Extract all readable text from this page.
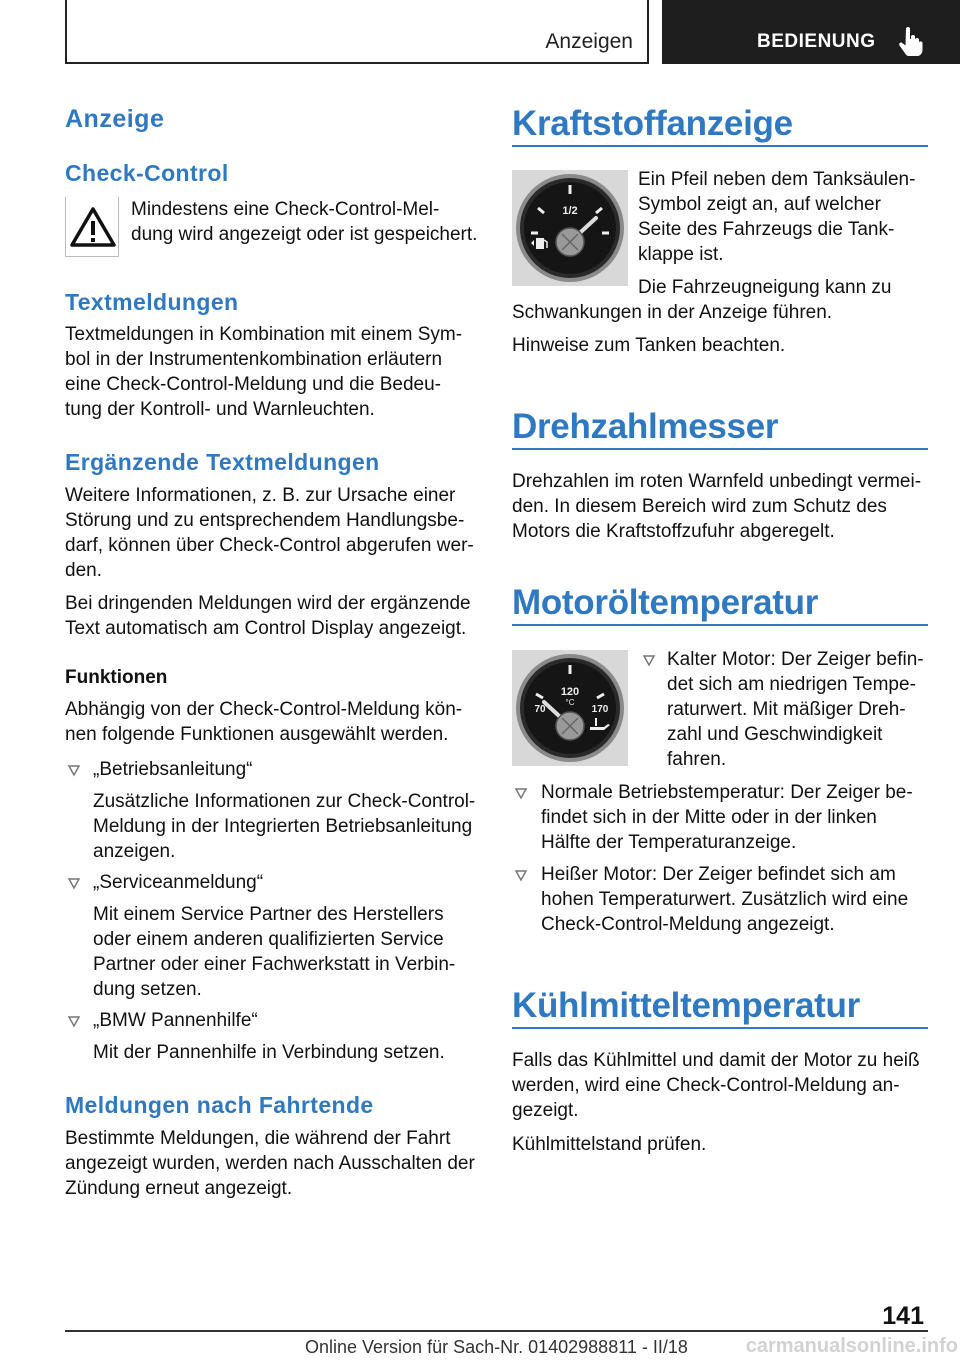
Anzeigen	BEDIENUNG
Anzeige
Check-Control
Mindestens eine Check-Control-Mel-
dung wird angezeigt oder ist gespeichert.
Textmeldungen
Textmeldungen in Kombination mit einem Sym-
bol in der Instrumentenkombination erläutern
eine Check-Control-Meldung und die Bedeu-
tung der Kontroll- und Warnleuchten.
Ergänzende Textmeldungen
Weitere Informationen, z. B. zur Ursache einer
Störung und zu entsprechendem Handlungsbe-
darf, können über Check-Control abgerufen wer-
den.
Bei dringenden Meldungen wird der ergänzende
Text automatisch am Control Display angezeigt.
Funktionen
Abhängig von der Check-Control-Meldung kön-
nen folgende Funktionen ausgewählt werden.
„Betriebsanleitung“
Zusätzliche Informationen zur Check-Control-
Meldung in der Integrierten Betriebsanleitung
anzeigen.
„Serviceanmeldung“
Mit einem Service Partner des Herstellers
oder einem anderen qualifizierten Service
Partner oder einer Fachwerkstatt in Verbin-
dung setzen.
„BMW Pannenhilfe“
Mit der Pannenhilfe in Verbindung setzen.
Meldungen nach Fahrtende
Bestimmte Meldungen, die während der Fahrt
angezeigt wurden, werden nach Ausschalten der
Zündung erneut angezeigt.
Kraftstoffanzeige
1/2
Ein Pfeil neben dem Tanksäulen-
Symbol zeigt an, auf welcher
Seite des Fahrzeugs die Tank-
klappe ist.
Die Fahrzeugneigung kann zu
Schwankungen in der Anzeige führen.
Hinweise zum Tanken beachten.
Drehzahlmesser
Drehzahlen im roten Warnfeld unbedingt vermei-
den. In diesem Bereich wird zum Schutz des
Motors die Kraftstoffzufuhr abgeregelt.
Motoröltemperatur
120
°C
70	170
Kalter Motor: Der Zeiger befin-
det sich am niedrigen Tempe-
raturwert. Mit mäßiger Dreh-
zahl und Geschwindigkeit
fahren.
Normale Betriebstemperatur: Der Zeiger be-
findet sich in der Mitte oder in der linken
Hälfte der Temperaturanzeige.
Heißer Motor: Der Zeiger befindet sich am
hohen Temperaturwert. Zusätzlich wird eine
Check-Control-Meldung angezeigt.
Kühlmitteltemperatur
Falls das Kühlmittel und damit der Motor zu heiß
werden, wird eine Check-Control-Meldung an-
gezeigt.
Kühlmittelstand prüfen.
141
Online Version für Sach-Nr. 01402988811 - II/18	carmanualsonline.info
